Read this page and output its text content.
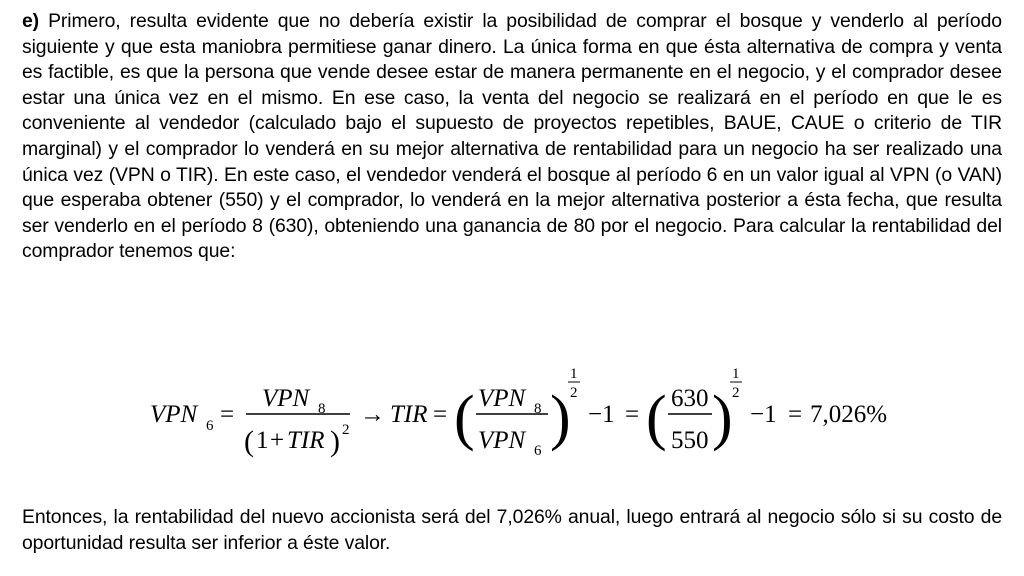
e) Primero, resulta evidente que no debería existir la posibilidad de comprar el bosque y venderlo al período siguiente y que esta maniobra permitiese ganar dinero. La única forma en que ésta alternativa de compra y venta es factible, es que la persona que vende desee estar de manera permanente en el negocio, y el comprador desee estar una única vez en el mismo. En ese caso, la venta del negocio se realizará en el período en que le es conveniente al vendedor (calculado bajo el supuesto de proyectos repetibles, BAUE, CAUE o criterio de TIR marginal) y el comprador lo venderá en su mejor alternativa de rentabilidad para un negocio ha ser realizado una única vez (VPN o TIR). En este caso, el vendedor venderá el bosque al período 6 en un valor igual al VPN (o VAN) que esperaba obtener (550) y el comprador, lo venderá en la mejor alternativa posterior a ésta fecha, que resulta ser venderlo en el período 8 (630), obteniendo una ganancia de 80 por el negocio. Para calcular la rentabilidad del comprador tenemos que:

VPN 6 =
VPN 8
( 1 + TIR ) 2
→ TIR = ( VPN 8
VPN 6 )
1
2
−1 = ( 630
550 )
1
2
−1 = 7,026%

Entonces, la rentabilidad del nuevo accionista será del 7,026% anual, luego entrará al negocio sólo si su costo de oportunidad resulta ser inferior a éste valor.
